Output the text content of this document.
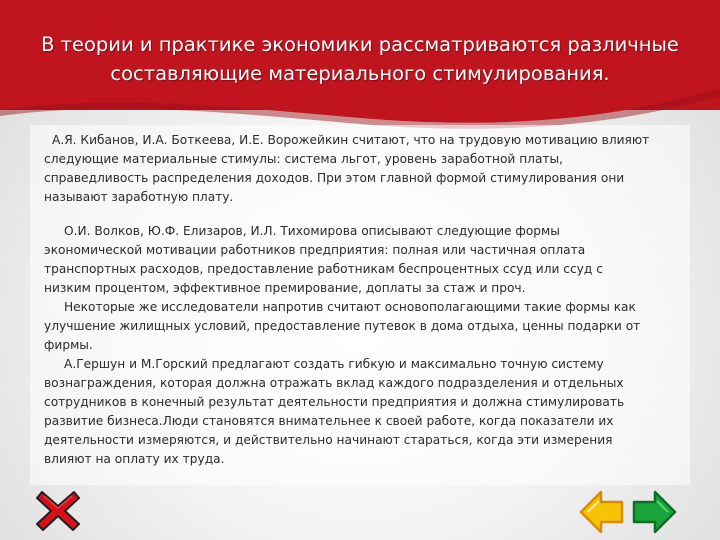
В теории и практике экономики рассматриваются различные
составляющие материального стимулирования.
А.Я. Кибанов, И.А. Боткеева, И.Е. Ворожейкин считают, что на трудовую мотивацию влияют
следующие материальные стимулы: система льгот, уровень заработной платы,
справедливость распределения доходов. При этом главной формой стимулирования они
называют заработную плату.
О.И. Волков, Ю.Ф. Елизаров, И.Л. Тихомирова описывают следующие формы
экономической мотивации работников предприятия: полная или частичная оплата
транспортных расходов, предоставление работникам беспроцентных ссуд или ссуд с
низким процентом, эффективное премирование, доплаты за стаж и проч.
Некоторые же исследователи напротив считают основополагающими такие формы как
улучшение жилищных условий, предоставление путевок в дома отдыха, ценны подарки от
фирмы.
А.Гершун и М.Горский предлагают создать гибкую и максимально точную систему
вознаграждения, которая должна отражать вклад каждого подразделения и отдельных
сотрудников в конечный результат деятельности предприятия и должна стимулировать
развитие бизнеса.Люди становятся внимательнее к своей работе, когда показатели их
деятельности измеряются, и действительно начинают стараться, когда эти измерения
влияют на оплату их труда.
